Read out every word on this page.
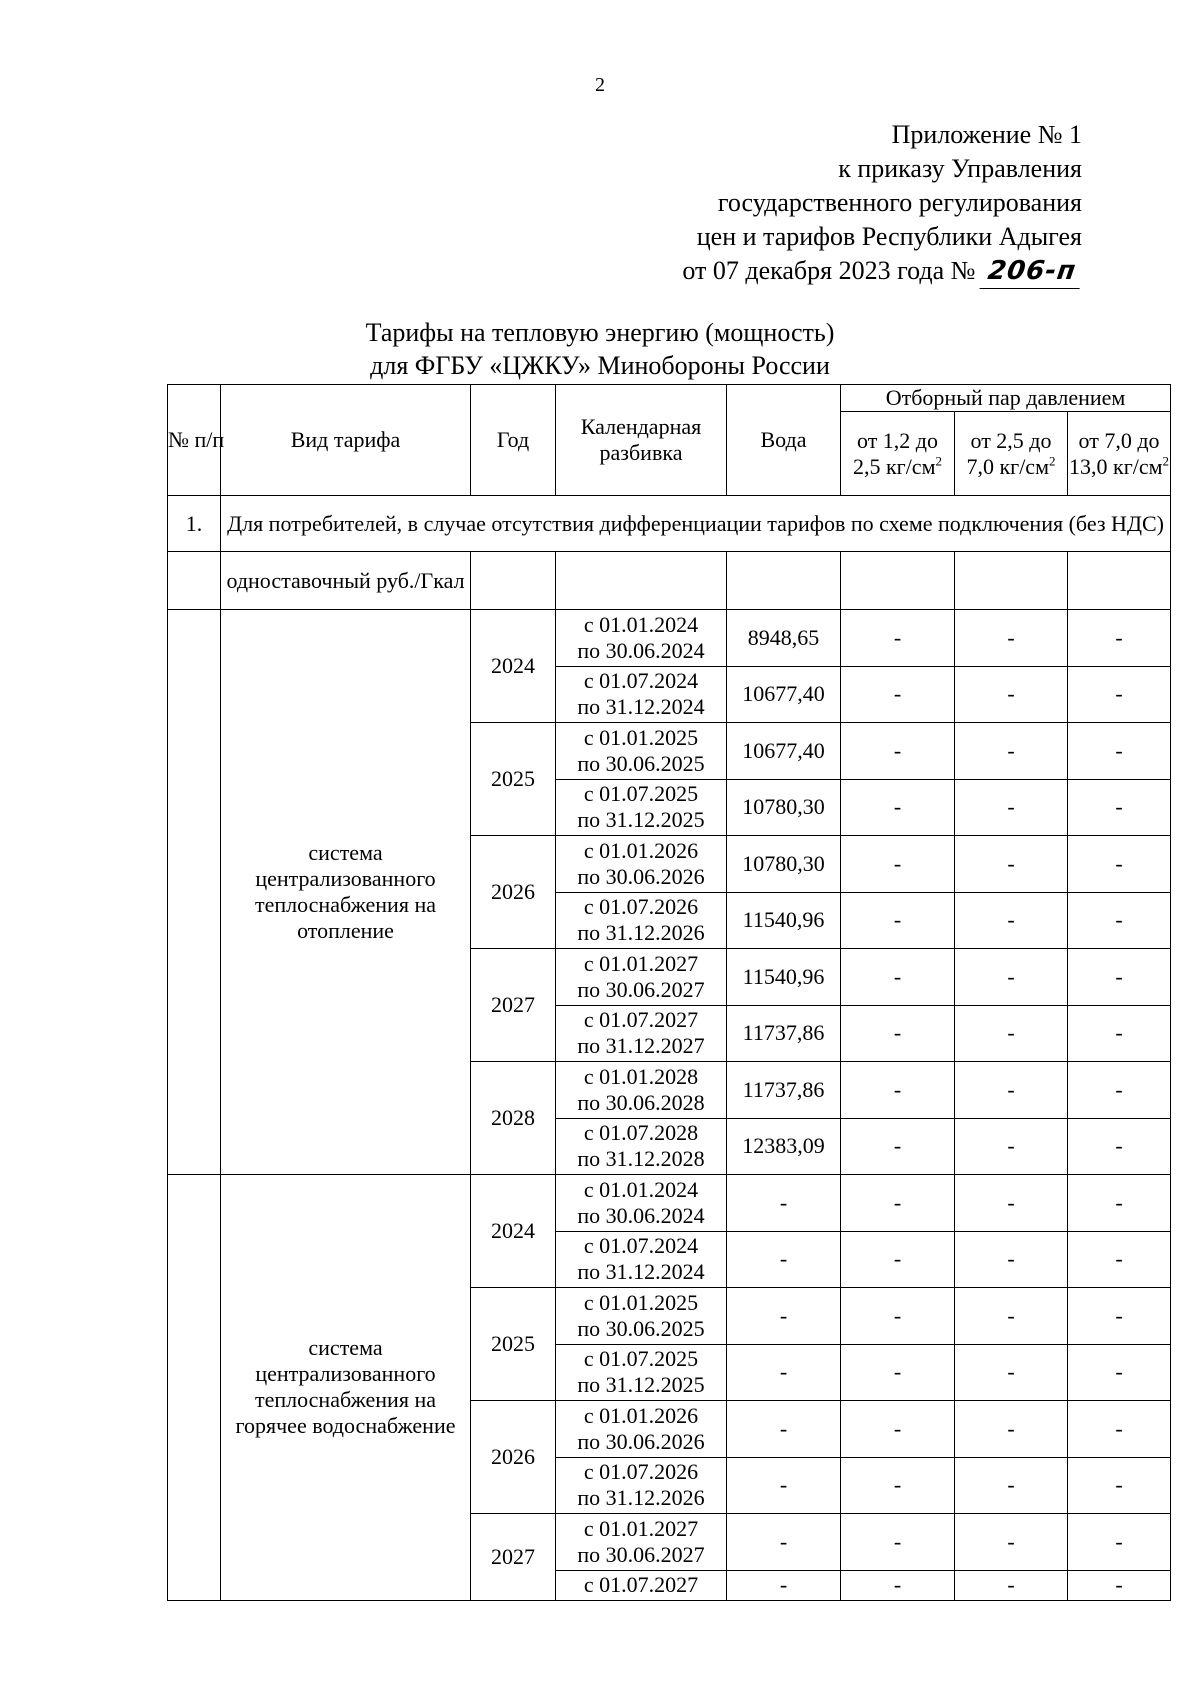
2
Приложение № 1
к приказу Управления
государственного регулирования
цен и тарифов Республики Адыгея
от 07 декабря 2023 года № 206-п
Тарифы на тепловую энергию (мощность)
для ФГБУ «ЦЖКУ» Минобороны России
№ п/п	Вид тарифа	Год	Календарная разбивка	Вода	Отборный пар давлением		
					от 1,2 до 2,5 $кг/см^2$	от 2,5 до 7,0 $кг/см^2$	от 7,0 до 13,0 $кг/см^2$
1.	Для потребителей, в случае отсутствия дифференциации тарифов по схеме подключения (без НДС)						
	одноставочный руб./Гкал						
	система централизованного теплоснабжения на отопление	2024	с 01.01.2024
по 30.06.2024	8948,65	-	-	-

			с 01.07.2024
по 31.12.2024	10677,40	-	-	-
		2025	с 01.01.2025
по 30.06.2025	10677,40	-	-	-

			с 01.07.2025
по 31.12.2025	10780,30	-	-	-
		2026	с 01.01.2026
по 30.06.2026	10780,30	-	-	-

			с 01.07.2026
по 31.12.2026	11540,96	-	-	-
		2027	с 01.01.2027
по 30.06.2027	11540,96	-	-	-

			с 01.07.2027
по 31.12.2027	11737,86	-	-	-
		2028	с 01.01.2028
по 30.06.2028	11737,86	-	-	-

			с 01.07.2028
по 31.12.2028	12383,09	-	-	-
	система централизованного теплоснабжения на горячее водоснабжение	2024	с 01.01.2024
по 30.06.2024	-	-	-	-

			с 01.07.2024
по 31.12.2024	-	-	-	-
		2025	с 01.01.2025
по 30.06.2025	-	-	-	-

			с 01.07.2025
по 31.12.2025	-	-	-	-
		2026	с 01.01.2026
по 30.06.2026	-	-	-	-

			с 01.07.2026
по 31.12.2026	-	-	-	-
		2027	с 01.01.2027
по 30.06.2027	-	-	-	-

			с 01.07.2027	-	-	-	-
